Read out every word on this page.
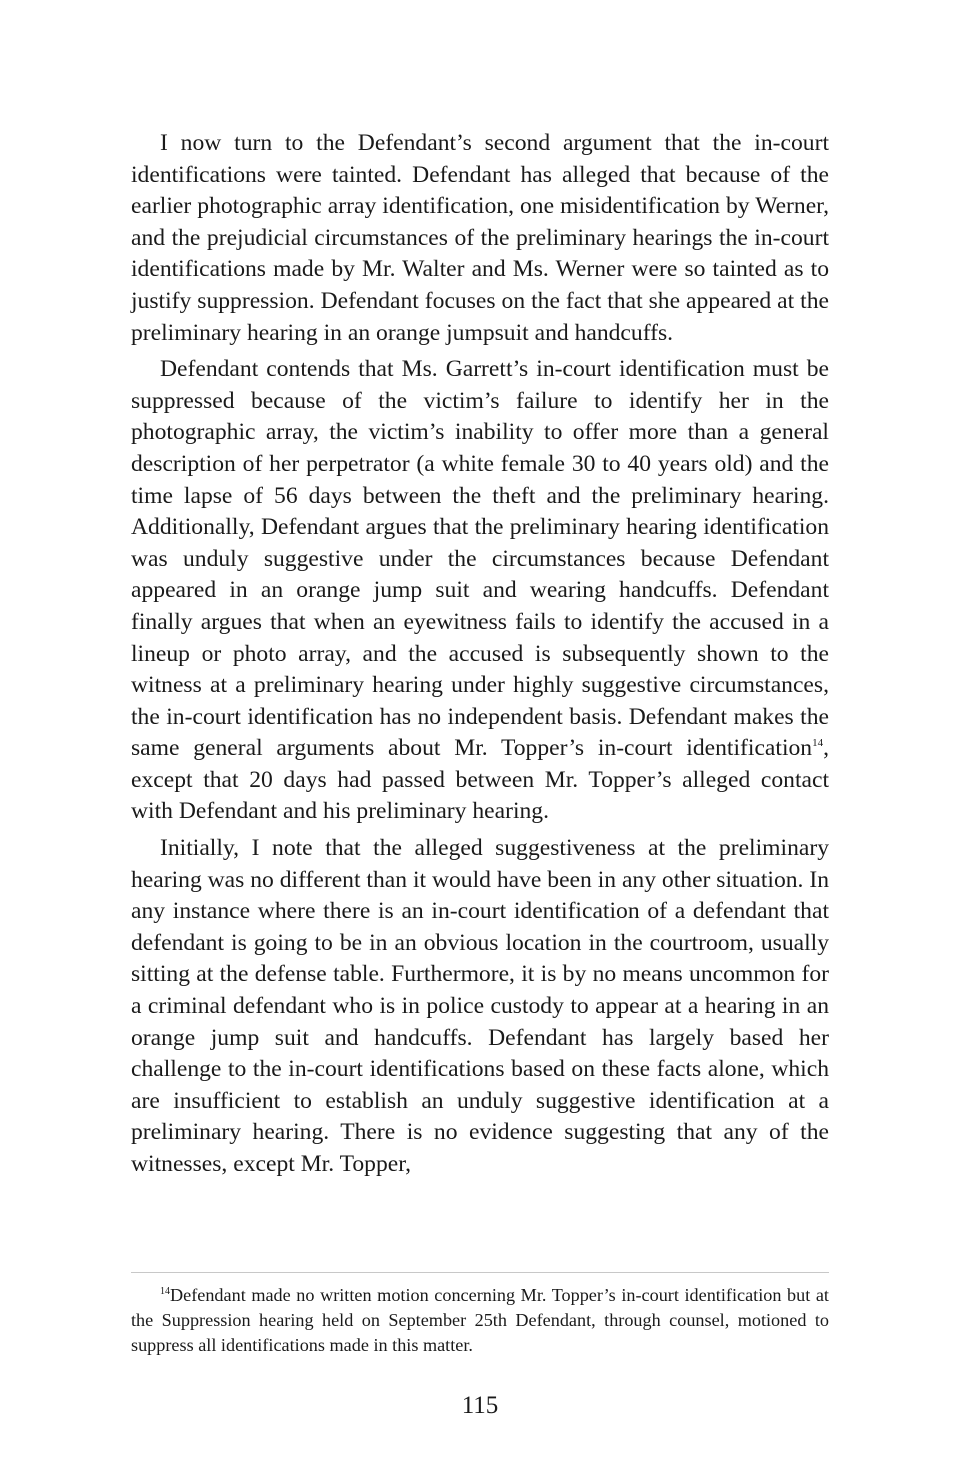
I now turn to the Defendant’s second argument that the in-court identifications were tainted. Defendant has alleged that because of the earlier photographic array identification, one misidentification by Werner, and the prejudicial circumstances of the preliminary hearings the in-court identifications made by Mr. Walter and Ms. Werner were so tainted as to justify suppression. Defendant focuses on the fact that she appeared at the preliminary hearing in an orange jumpsuit and handcuffs.

Defendant contends that Ms. Garrett’s in-court identification must be suppressed because of the victim’s failure to identify her in the photographic array, the victim’s inability to offer more than a general description of her perpetrator (a white female 30 to 40 years old) and the time lapse of 56 days between the theft and the preliminary hearing. Additionally, Defendant argues that the preliminary hearing identification was unduly suggestive under the circumstances because Defendant appeared in an orange jump suit and wearing handcuffs. Defendant finally argues that when an eyewitness fails to identify the accused in a lineup or photo array, and the accused is subsequently shown to the witness at a preliminary hearing under highly suggestive circumstances, the in-court identification has no independent basis. Defendant makes the same general arguments about Mr. Topper’s in-court identification$^{14}$, except that 20 days had passed between Mr. Topper’s alleged contact with Defendant and his preliminary hearing.

Initially, I note that the alleged suggestiveness at the preliminary hearing was no different than it would have been in any other situation. In any instance where there is an in-court identification of a defendant that defendant is going to be in an obvious location in the courtroom, usually sitting at the defense table. Furthermore, it is by no means uncommon for a criminal defendant who is in police custody to appear at a hearing in an orange jump suit and handcuffs. Defendant has largely based her challenge to the in-court identifications based on these facts alone, which are insufficient to establish an unduly suggestive identification at a preliminary hearing. There is no evidence suggesting that any of the witnesses, except Mr. Topper,

$^{14}$Defendant made no written motion concerning Mr. Topper’s in-court identification but at the Suppression hearing held on September 25th Defendant, through counsel, motioned to suppress all identifications made in this matter.

115
